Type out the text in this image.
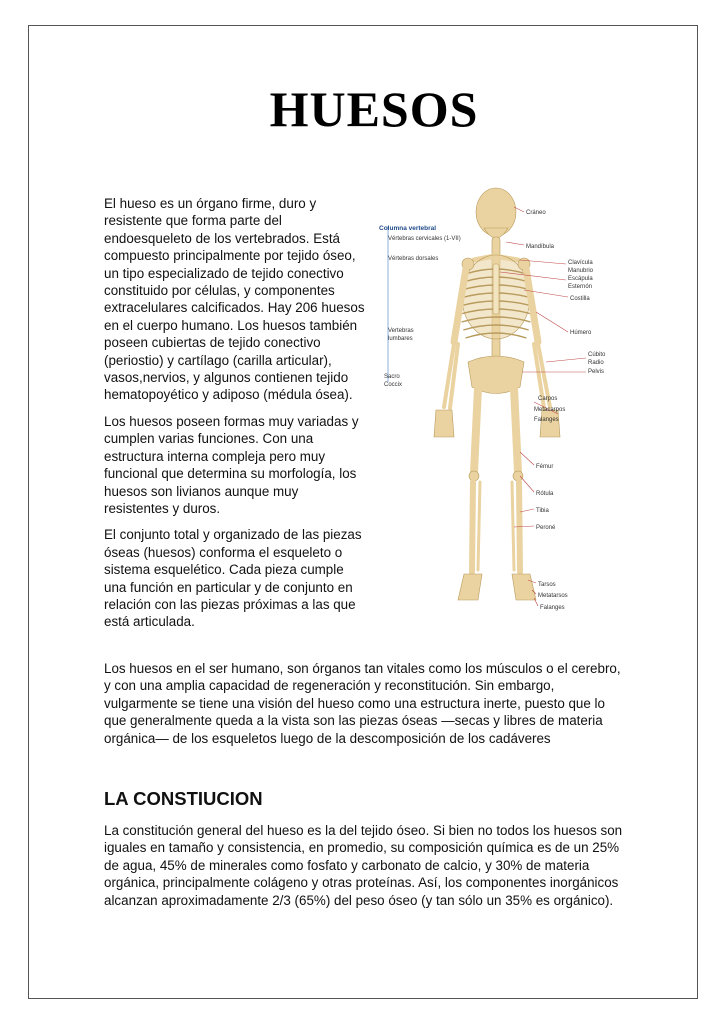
HUESOS

El hueso es un órgano firme, duro y resistente que forma parte del endoesqueleto de los vertebrados. Está compuesto principalmente por tejido óseo, un tipo especializado de tejido conectivo constituido por células, y componentes extracelulares calcificados. Hay 206 huesos en el cuerpo humano. Los huesos también poseen cubiertas de tejido conectivo (periostio) y cartílago (carilla articular), vasos,nervios, y algunos contienen tejido hematopoyético y adiposo (médula ósea).

Los huesos poseen formas muy variadas y cumplen varias funciones. Con una estructura interna compleja pero muy funcional que determina su morfología, los huesos son livianos aunque muy resistentes y duros.

El conjunto total y organizado de las piezas óseas (huesos) conforma el esqueleto o sistema esquelético. Cada pieza cumple una función en particular y de conjunto en relación con las piezas próximas a las que está articulada.

Columna vertebral
Vértebras cervicales (1-VII)
Vértebras dorsales
Vertebras
lumbares
Sacro
Coccix
Cráneo
Mandíbula
Clavícula
Manubrio
Escápula
Esternón
Costilla
Húmero
Cúbito
Radio
Pelvis
Carpos
Metacarpos
Falanges
Fémur
Rótula
Tibia
Peroné
Tarsos
Metatarsos
Falanges

Los huesos en el ser humano, son órganos tan vitales como los músculos o el cerebro, y con una amplia capacidad de regeneración y reconstitución. Sin embargo, vulgarmente se tiene una visión del hueso como una estructura inerte, puesto que lo que generalmente queda a la vista son las piezas óseas —secas y libres de materia orgánica— de los esqueletos luego de la descomposición de los cadáveres

LA CONSTIUCION

La constitución general del hueso es la del tejido óseo. Si bien no todos los huesos son iguales en tamaño y consistencia, en promedio, su composición química es de un 25% de agua, 45% de minerales como fosfato y carbonato de calcio, y 30% de materia orgánica, principalmente colágeno y otras proteínas. Así, los componentes inorgánicos alcanzan aproximadamente 2/3 (65%) del peso óseo (y tan sólo un 35% es orgánico).
